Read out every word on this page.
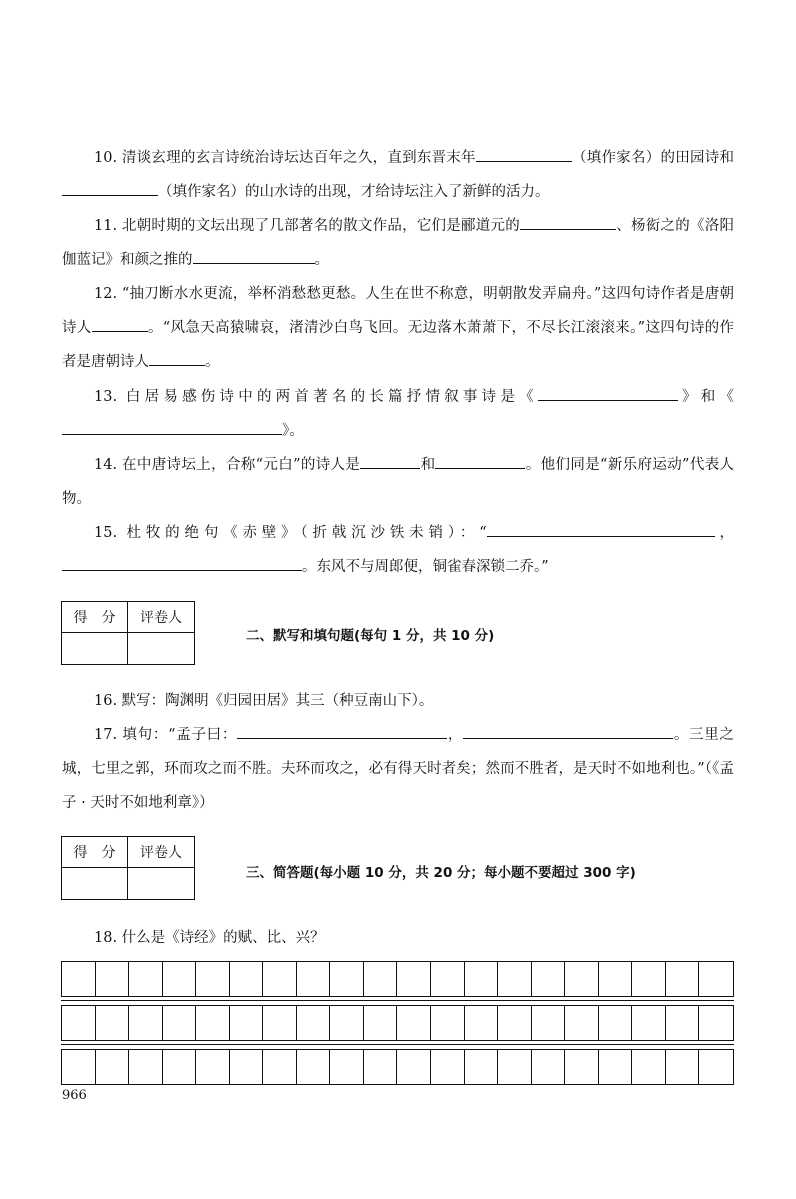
10. 清谈玄理的玄言诗统治诗坛达百年之久，直到东晋末年	（填作家名）的田园诗和（填作家名）的山水诗的出现，才给诗坛注入了新鲜的活力。

11. 北朝时期的文坛出现了几部著名的散文作品，它们是郦道元的	、杨衒之的《洛阳伽蓝记》和颜之推的	。

12. “抽刀断水水更流，举杯消愁愁更愁。人生在世不称意，明朝散发弄扁舟。”这四句诗作者是唐朝诗人	。“风急天高猿啸哀，渚清沙白鸟飞回。无边落木萧萧下，不尽长江滚滚来。”这四句诗的作者是唐朝诗人	。

13. 白居易感伤诗中的两首著名的长篇抒情叙事诗是《	》和《》。

14. 在中唐诗坛上，合称“元白”的诗人是	和	。他们同是“新乐府运动”代表人物。

15. 杜牧的绝句《赤壁》（折戟沉沙铁未销）：“	，。东风不与周郎便，铜雀春深锁二乔。”

得　分	评卷人

二、默写和填句题(每句 1 分，共 10 分)

16. 默写：陶渊明《归园田居》其三（种豆南山下）。

17. 填句：“孟子曰：	，	。三里之城，七里之郭，环而攻之而不胜。夫环而攻之，必有得天时者矣；然而不胜者，是天时不如地利也。”（《孟子 · 天时不如地利章》）

得　分	评卷人

三、简答题(每小题 10 分，共 20 分；每小题不要超过 300 字)

18. 什么是《诗经》的赋、比、兴？

966
